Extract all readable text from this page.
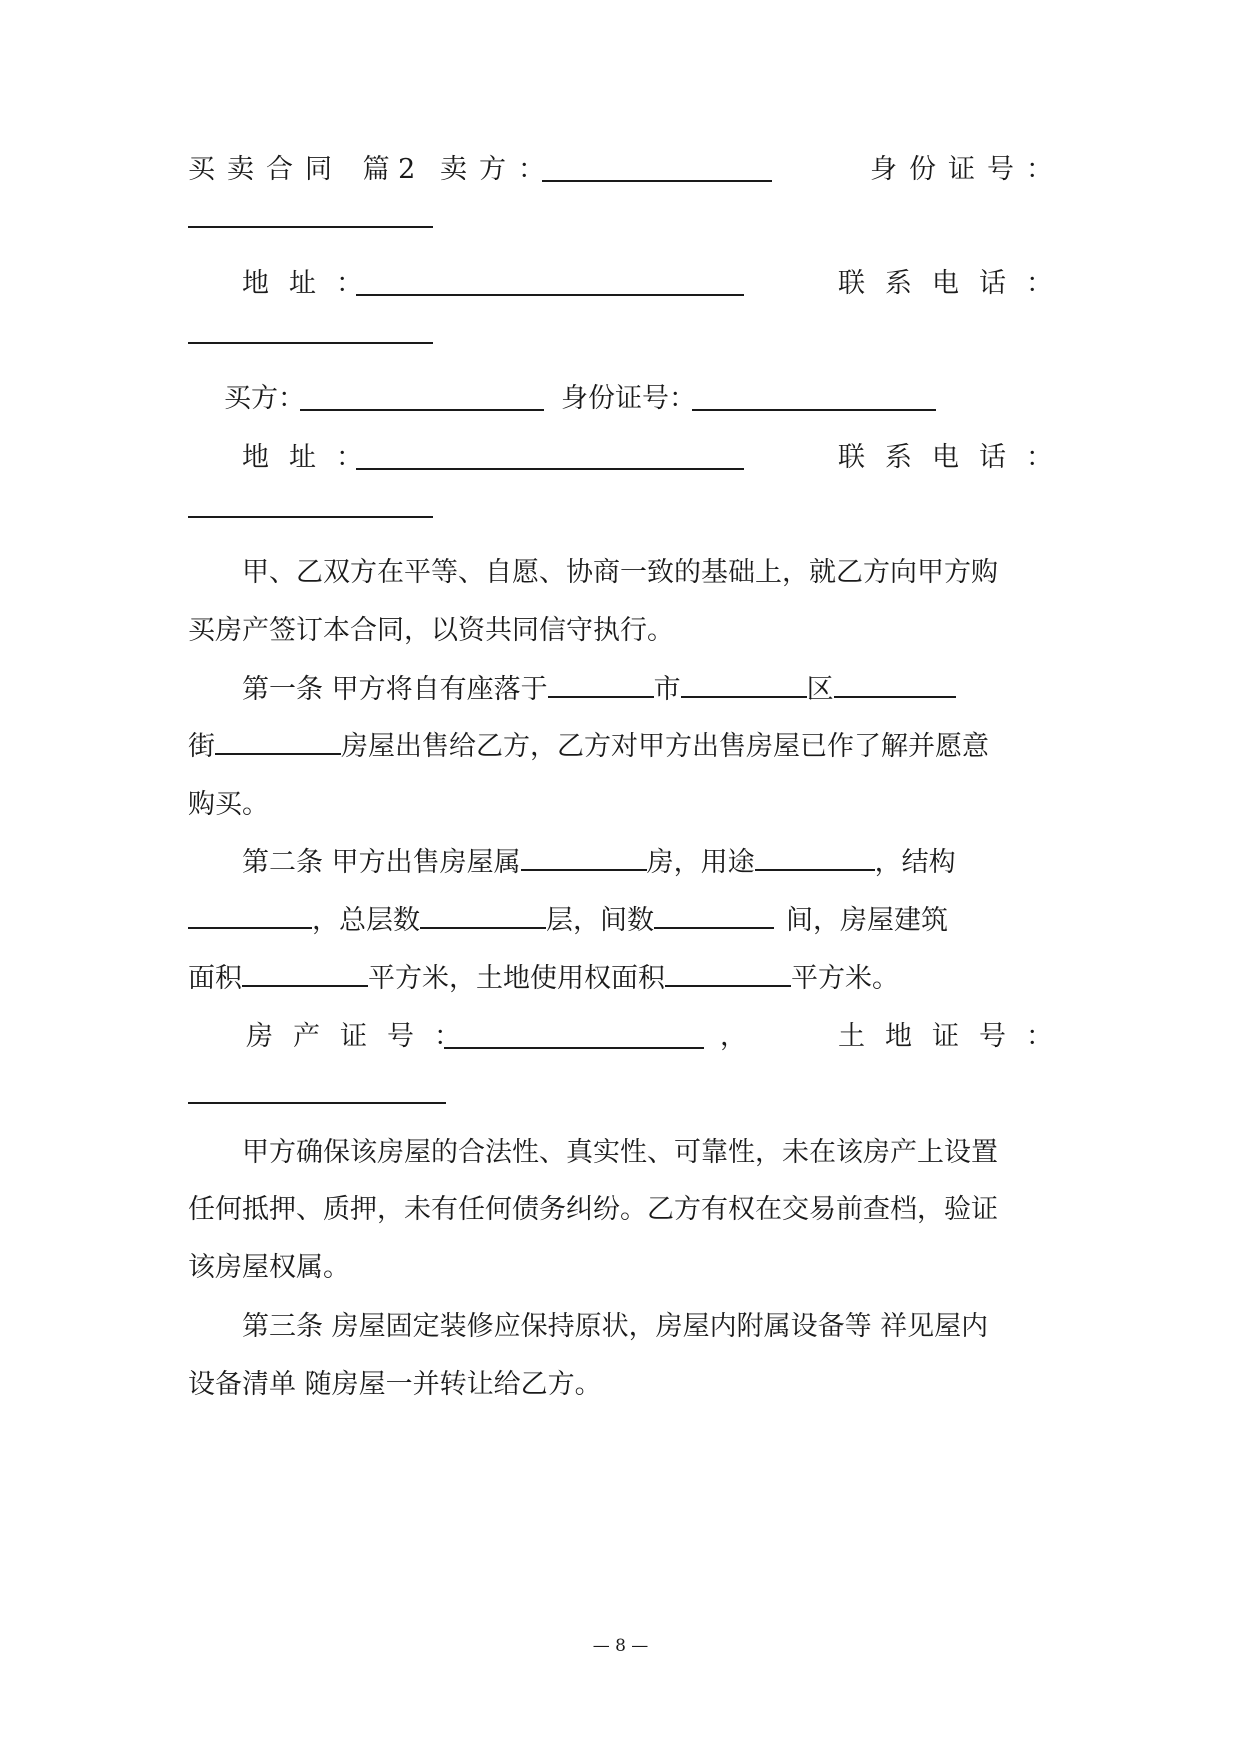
买卖合同 篇 2 卖方：	身份证号：
地址：	联系电话：
买方：	身份证号：
地址：	联系电话：
甲、乙双方在平等、自愿、协商一致的基础上，就乙方向甲方购
买房产签订本合同，以资共同信守执行。
第一条 甲方将自有座落于	市	区
街	房屋出售给乙方，乙方对甲方出售房屋已作了解并愿意
购买。
第二条 甲方出售房屋属	房，用途	，结构
，总层数	层，间数	间，房屋建筑
面积	平方米，土地使用权面积	平方米。
房产证号：	，	土地证号：
甲方确保该房屋的合法性、真实性、可靠性，未在该房产上设置
任何抵押、质押，未有任何债务纠纷。乙方有权在交易前查档，验证
该房屋权属。
第三条 房屋固定装修应保持原状，房屋内附属设备等 祥见屋内
设备清单 随房屋一并转让给乙方。
— 8 —
